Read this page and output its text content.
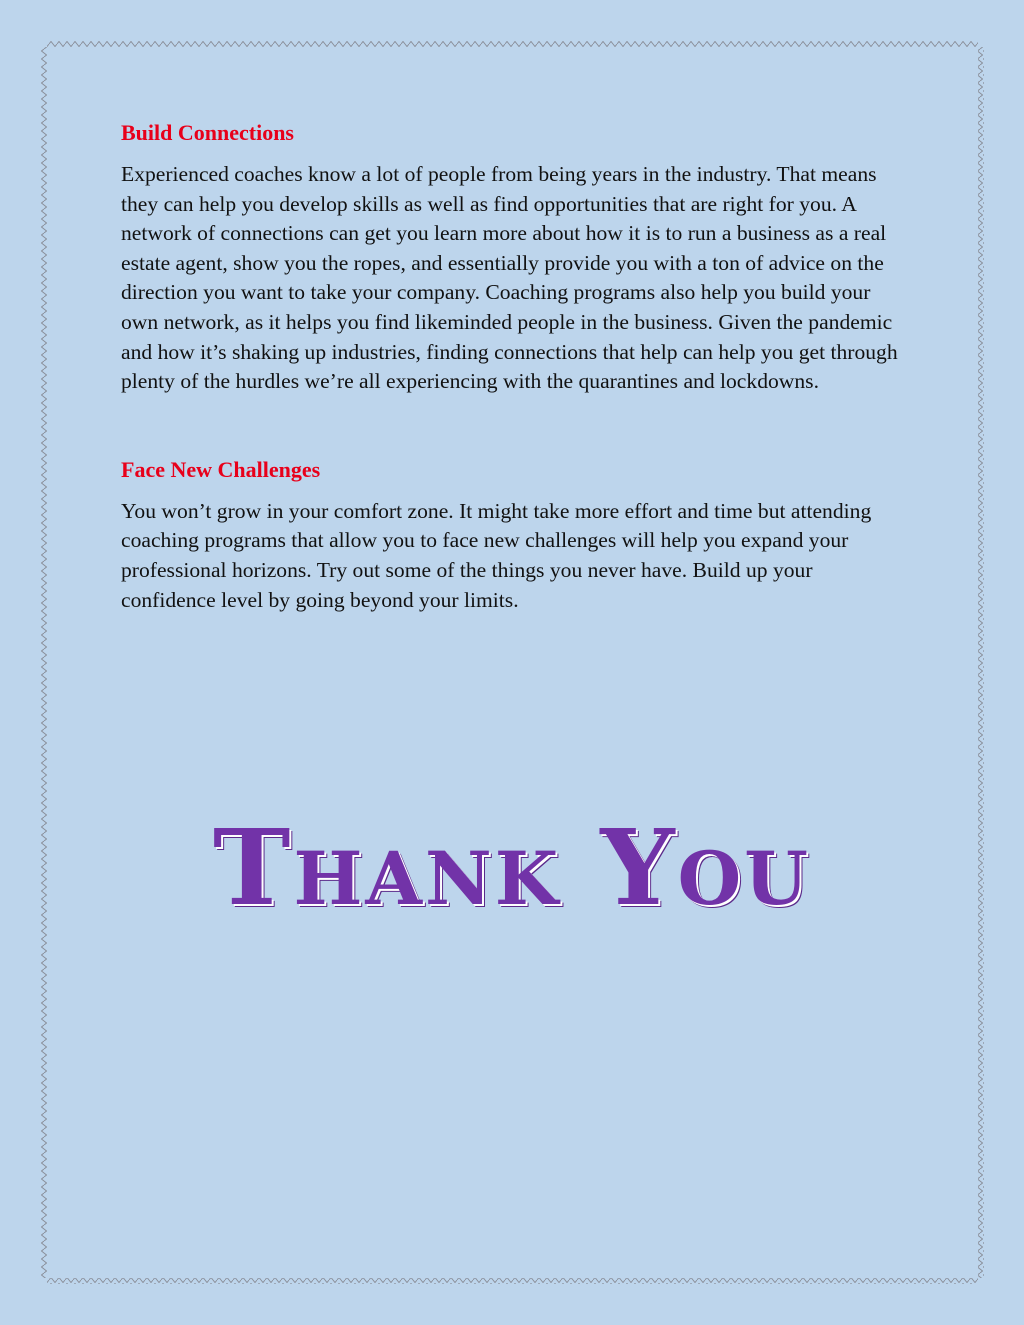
Build Connections

Experienced coaches know a lot of people from being years in the industry. That means they can help you develop skills as well as find opportunities that are right for you. A network of connections can get you learn more about how it is to run a business as a real estate agent, show you the ropes, and essentially provide you with a ton of advice on the direction you want to take your company. Coaching programs also help you build your own network, as it helps you find likeminded people in the business. Given the pandemic and how it’s shaking up industries, finding connections that help can help you get through plenty of the hurdles we’re all experiencing with the quarantines and lockdowns.

Face New Challenges

You won’t grow in your comfort zone. It might take more effort and time but attending coaching programs that allow you to face new challenges will help you expand your professional horizons. Try out some of the things you never have. Build up your confidence level by going beyond your limits.

Thank You
